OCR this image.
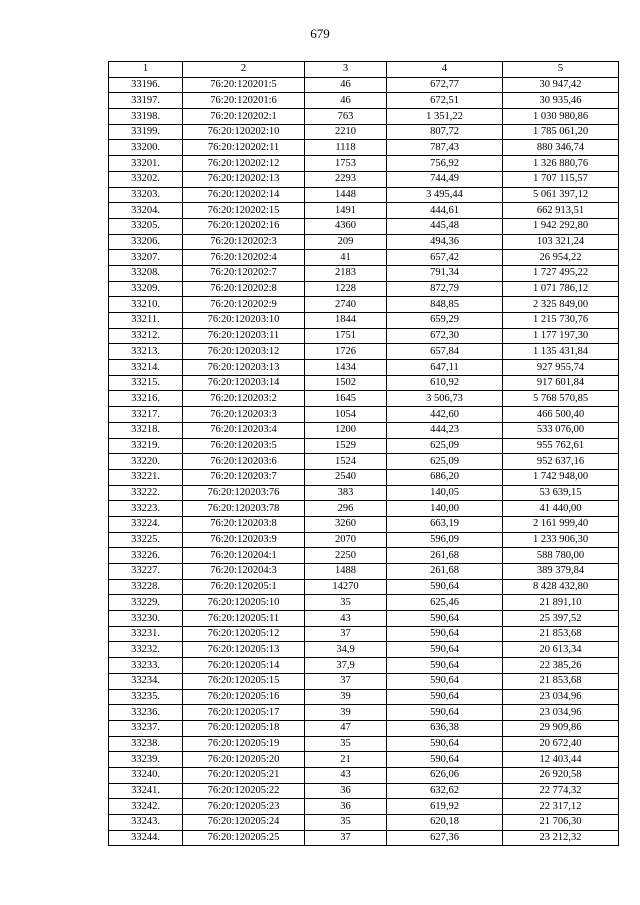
679
1	2	3	4	5
33196.	76:20:120201:5	46	672,77	30 947,42
33197.	76:20:120201:6	46	672,51	30 935,46
33198.	76:20:120202:1	763	1 351,22	1 030 980,86
33199.	76:20:120202:10	2210	807,72	1 785 061,20
33200.	76:20:120202:11	1118	787,43	880 346,74
33201.	76:20:120202:12	1753	756,92	1 326 880,76
33202.	76:20:120202:13	2293	744,49	1 707 115,57
33203.	76:20:120202:14	1448	3 495,44	5 061 397,12
33204.	76:20:120202:15	1491	444,61	662 913,51
33205.	76:20:120202:16	4360	445,48	1 942 292,80
33206.	76:20:120202:3	209	494,36	103 321,24
33207.	76:20:120202:4	41	657,42	26 954,22
33208.	76:20:120202:7	2183	791,34	1 727 495,22
33209.	76:20:120202:8	1228	872,79	1 071 786,12
33210.	76:20:120202:9	2740	848,85	2 325 849,00
33211.	76:20:120203:10	1844	659,29	1 215 730,76
33212.	76:20:120203:11	1751	672,30	1 177 197,30
33213.	76:20:120203:12	1726	657,84	1 135 431,84
33214.	76:20:120203:13	1434	647,11	927 955,74
33215.	76:20:120203:14	1502	610,92	917 601,84
33216.	76:20:120203:2	1645	3 506,73	5 768 570,85
33217.	76:20:120203:3	1054	442,60	466 500,40
33218.	76:20:120203:4	1200	444,23	533 076,00
33219.	76:20:120203:5	1529	625,09	955 762,61
33220.	76:20:120203:6	1524	625,09	952 637,16
33221.	76:20:120203:7	2540	686,20	1 742 948,00
33222.	76:20:120203:76	383	140,05	53 639,15
33223.	76:20:120203:78	296	140,00	41 440,00
33224.	76:20:120203:8	3260	663,19	2 161 999,40
33225.	76:20:120203:9	2070	596,09	1 233 906,30
33226.	76:20:120204:1	2250	261,68	588 780,00
33227.	76:20:120204:3	1488	261,68	389 379,84
33228.	76:20:120205:1	14270	590,64	8 428 432,80
33229.	76:20:120205:10	35	625,46	21 891,10
33230.	76:20:120205:11	43	590,64	25 397,52
33231.	76:20:120205:12	37	590,64	21 853,68
33232.	76:20:120205:13	34,9	590,64	20 613,34
33233.	76:20:120205:14	37,9	590,64	22 385,26
33234.	76:20:120205:15	37	590,64	21 853,68
33235.	76:20:120205:16	39	590,64	23 034,96
33236.	76:20:120205:17	39	590,64	23 034,96
33237.	76:20:120205:18	47	636,38	29 909,86
33238.	76:20:120205:19	35	590,64	20 672,40
33239.	76:20:120205:20	21	590,64	12 403,44
33240.	76:20:120205:21	43	626,06	26 920,58
33241.	76:20:120205:22	36	632,62	22 774,32
33242.	76:20:120205:23	36	619,92	22 317,12
33243.	76:20:120205:24	35	620,18	21 706,30
33244.	76:20:120205:25	37	627,36	23 212,32
